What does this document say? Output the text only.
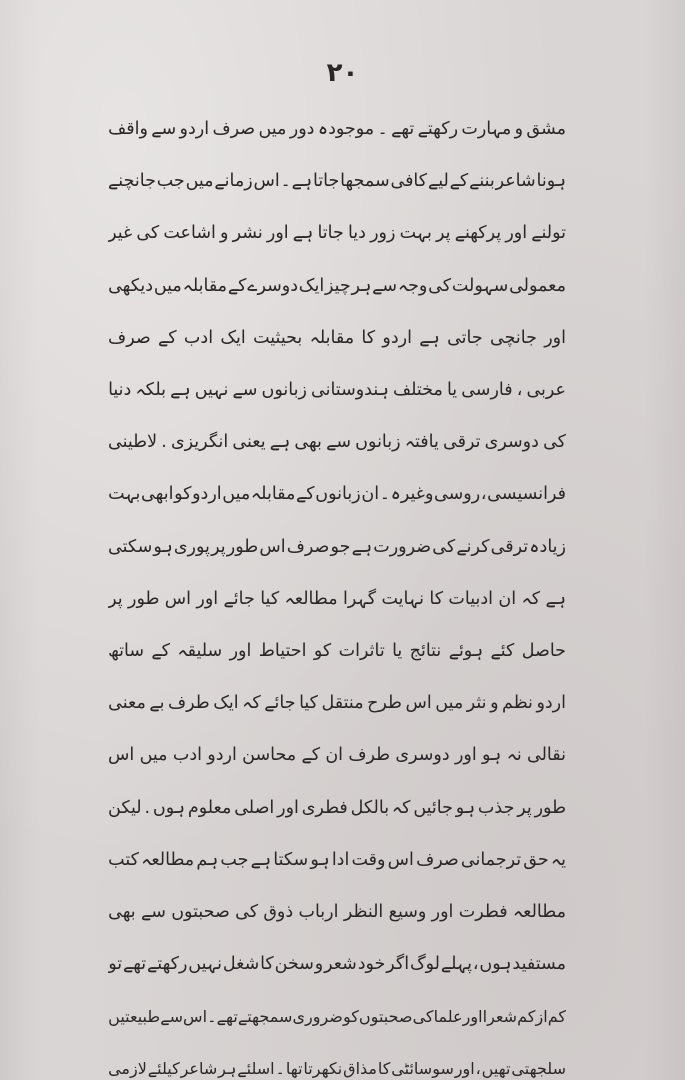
۲۰
مشق
و
مہارت
رکھتے
تھے
۔
موجودہ
دور
میں
صرف
اردو
سے
واقف
ہونا
شاعر
بننے
کے
لیے
کافی
سمجھا
جاتا
ہے
۔
اس
زمانے
میں
جب
جانچنے
تولنے
اور
پرکھنے
پر
بہت
زور
دیا
جاتا
ہے
اور
نشر
و
اشاعت
کی
غیر
معمولی
سہولت
کی
وجہ
سے
ہر
چیز
ایک
دوسرے
کے
مقابلہ
میں
دیکھی
اور
جانچی
جاتی
ہے
اردو
کا
مقابلہ
بحیثیت
ایک
ادب
کے
صرف
عربی
،
فارسی
یا
مختلف
ہندوستانی
زبانوں
سے
نہیں
ہے
بلکہ
دنیا
کی
دوسری
ترقی
یافتہ
زبانوں
سے
بھی
ہے
یعنی
انگریزی
.
لاطینی
فرانسیسی
،
روسی
وغیرہ
۔
ان
زبانوں
کے
مقابلہ
میں
اردو
کو
ابھی
بہت
زیادہ
ترقی
کرنے
کی
ضرورت
ہے
جو
صرف
اس
طور
پر
پوری
ہو
سکتی
ہے
کہ
ان
ادبیات
کا
نہایت
گہرا
مطالعہ
کیا
جائے
اور
اس
طور
پر
حاصل
کئے
ہوئے
نتائج
یا
تاثرات
کو
احتیاط
اور
سلیقہ
کے
ساتھ
اردو
نظم
و
نثر
میں
اس
طرح
منتقل
کیا
جائے
کہ
ایک
طرف
بے
معنی
نقالی
نہ
ہو
اور
دوسری
طرف
ان
کے
محاسن
اردو
ادب
میں
اس
طور
پر
جذب
ہو
جائیں
کہ
بالکل
فطری
اور
اصلی
معلوم
ہوں
.
لیکن
یہ
حق
ترجمانی
صرف
اس
وقت
ادا
ہو
سکتا
ہے
جب
ہم
مطالعہ
کتب
مطالعہ
فطرت
اور
وسیع
النظر
ارباب
ذوق
کی
صحبتوں
سے
بھی
مستفید
ہوں
،
پہلے
لوگ
اگر
خود
شعر
و
سخن
کا
شغل
نہیں
رکھتے
تھے
تو
کم
از
کم
شعرا
اور
علما
کی
صحبتوں
کو
ضروری
سمجھتے
تھے
۔
اس
سے
طبیعتیں
سلجھتی
تھیں
،
اور
سوسائٹی
کا
مذاق
نکھرتا
تھا
۔
اسلئے
ہر
شاعر
کیلئے
لازمی
